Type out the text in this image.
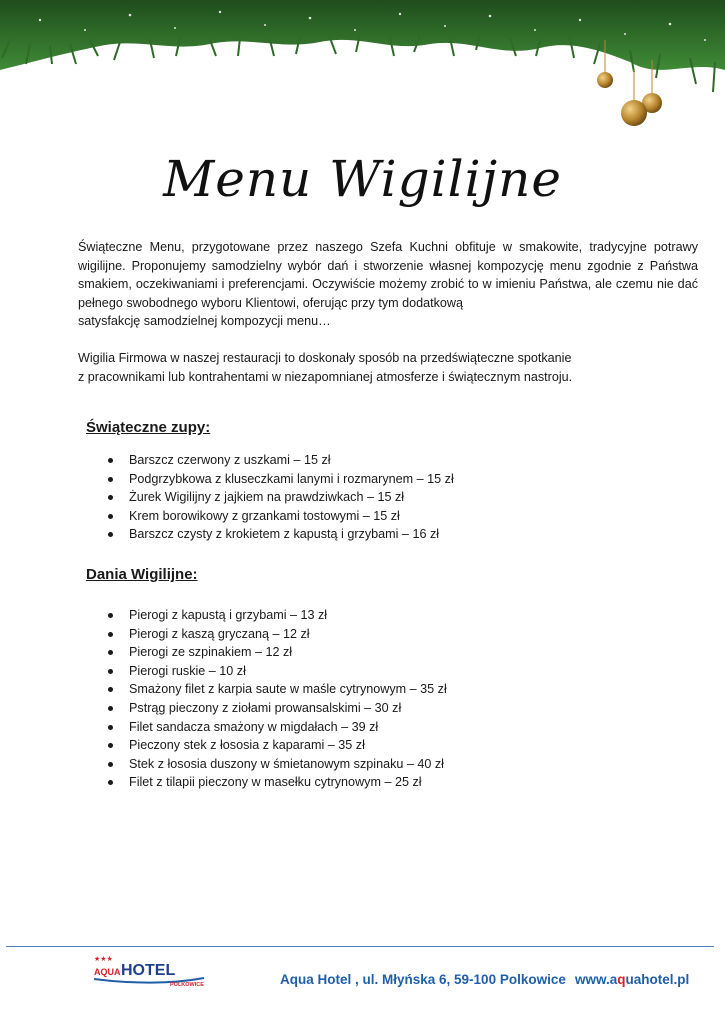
Menu Wigilijne

Świąteczne Menu, przygotowane przez naszego Szefa Kuchni obfituje w smakowite, tradycyjne potrawy wigilijne. Proponujemy samodzielny wybór dań i stworzenie własnej kompozycję menu zgodnie z Państwa smakiem, oczekiwaniami i preferencjami. Oczywiście możemy zrobić to w imieniu Państwa, ale czemu nie dać pełnego swobodnego wyboru Klientowi, oferując przy tym dodatkową
satysfakcję samodzielnej kompozycji menu…

Wigilia Firmowa w naszej restauracji to doskonały sposób na przedświąteczne spotkanie
z pracownikami lub kontrahentami w niezapomnianej atmosferze i świątecznym nastroju.

Świąteczne zupy:
Barszcz czerwony z uszkami – 15 zł
Podgrzybkowa z kluseczkami lanymi i rozmarynem – 15 zł
Żurek Wigilijny z jajkiem na prawdziwkach – 15 zł
Krem borowikowy z grzankami tostowymi – 15 zł
Barszcz czysty z krokietem z kapustą i grzybami – 16 zł
Dania Wigilijne:
Pierogi z kapustą i grzybami – 13 zł
Pierogi z kaszą gryczaną – 12 zł
Pierogi ze szpinakiem – 12 zł
Pierogi ruskie – 10 zł
Smażony filet z karpia saute w maśle cytrynowym – 35 zł
Pstrąg pieczony z ziołami prowansalskimi – 30 zł
Filet sandacza smażony w migdałach – 39 zł
Pieczony stek z łososia z kaparami – 35 zł
Stek z łososia duszony w śmietanowym szpinaku – 40 zł
Filet z tilapii pieczony w masełku cytrynowym – 25 zł
★★★
AQUA HOTEL
POLKOWICE	Aqua Hotel , ul. Młyńska 6, 59-100 Polkowice www.aquahotel.pl
